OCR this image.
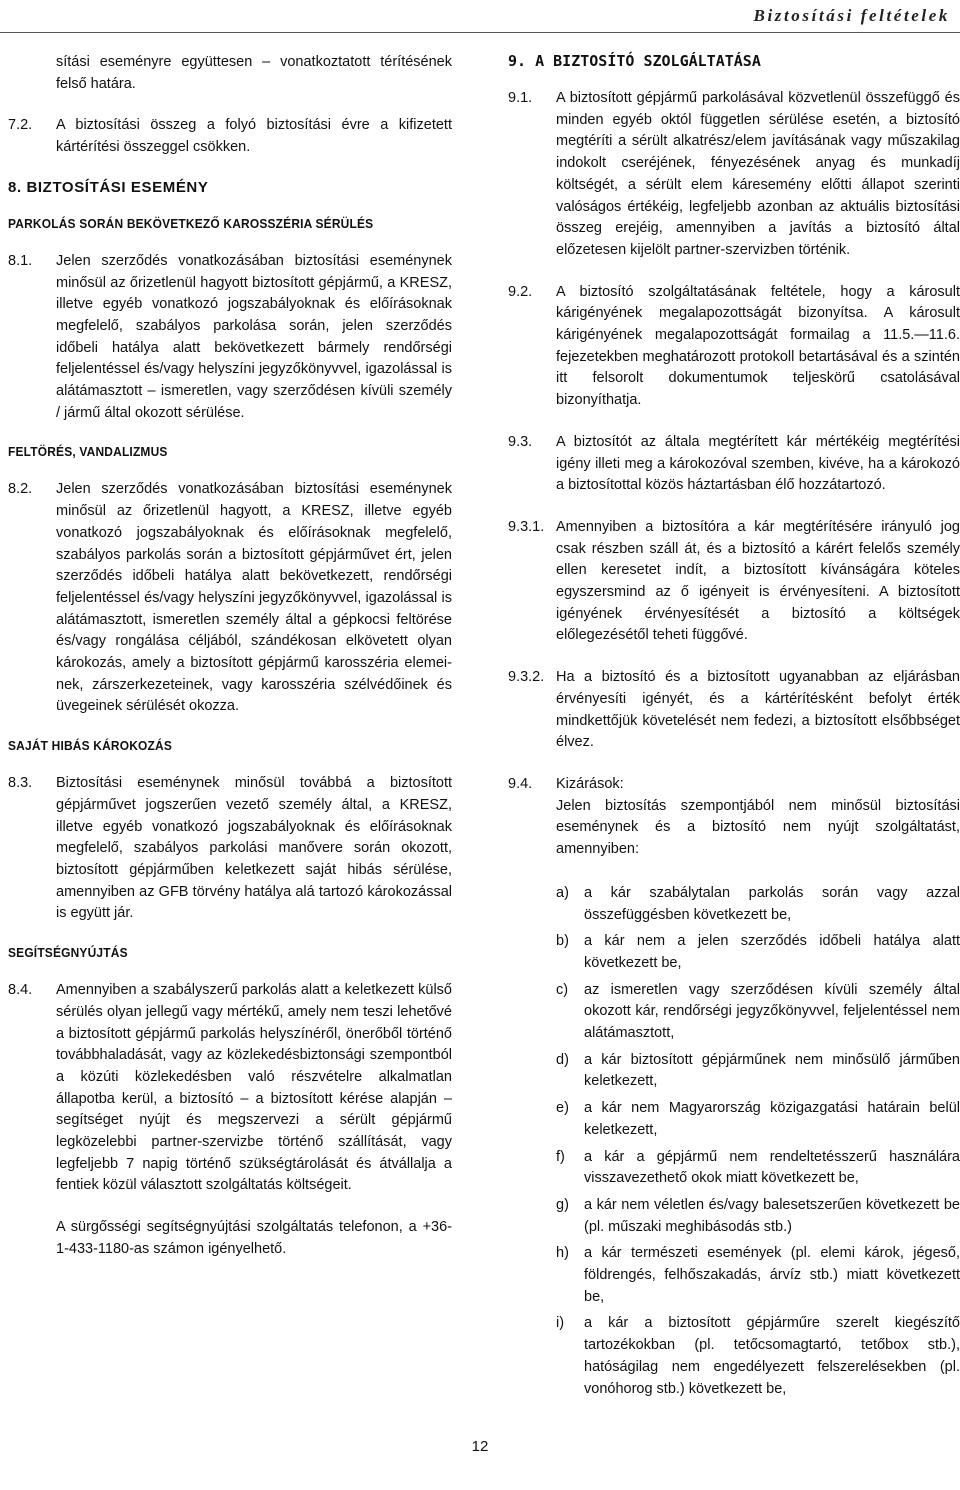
Biztosítási feltételek
sítási eseményre együttesen – vonatkoztatott térítésének felső határa.
7.2.	A biztosítási összeg a folyó biztosítási évre a kifizetett kártérítési összeggel csökken.
8. BIZTOSÍTÁSI ESEMÉNY
PARKOLÁS SORÁN BEKÖVETKEZŐ KAROSSZÉRIA SÉRÜLÉS
8.1.	Jelen szerződés vonatkozásában biztosítási eseménynek minősül az őrizetlenül hagyott biztosított gépjármű, a KRESZ, illetve egyéb vonatkozó jogszabályoknak és előírásoknak megfelelő, szabályos parkolása során, jelen szerződés időbeli hatálya alatt bekövetkezett bármely rendőrségi feljelentéssel és/vagy helyszíni jegyzőkönyvvel, igazolással is alátámasztott – ismeretlen, vagy szerződésen kívüli személy / jármű által okozott sérülése.
FELTÖRÉS, VANDALIZMUS
8.2.	Jelen szerződés vonatkozásában biztosítási eseménynek minősül az őrizetlenül hagyott, a KRESZ, illetve egyéb vonatkozó jogszabályoknak és előírásoknak megfelelő, szabályos parkolás során a biztosított gépjárművet ért, jelen szerződés időbeli hatálya alatt bekövetkezett, rendőrségi feljelentéssel és/vagy helyszíni jegyzőkönyvvel, igazolással is alátámasztott, ismeretlen személy által a gépkocsi feltörése és/vagy rongálása céljából, szándékosan elkövetett olyan károkozás, amely a biztosított gépjármű karosszéria elemeinek, zárszerkezeteinek, vagy karosszéria szélvédőinek és üvegeinek sérülését okozza.
SAJÁT HIBÁS KÁROKOZÁS
8.3.	Biztosítási eseménynek minősül továbbá a biztosított gépjárművet jogszerűen vezető személy által, a KRESZ, illetve egyéb vonatkozó jogszabályoknak és előírásoknak megfelelő, szabályos parkolási manővere során okozott, biztosított gépjárműben keletkezett saját hibás sérülése, amennyiben az GFB törvény hatálya alá tartozó károkozással is együtt jár.
SEGÍTSÉGNYÚJTÁS
8.4.	Amennyiben a szabályszerű parkolás alatt a keletkezett külső sérülés olyan jellegű vagy mértékű, amely nem teszi lehetővé a biztosított gépjármű parkolás helyszínéről, önerőből történő továbbhaladását, vagy az közlekedésbiztonsági szempontból a közúti közlekedésben való részvételre alkalmatlan állapotba kerül, a biztosító – a biztosított kérése alapján – segítséget nyújt és megszervezi a sérült gépjármű legközelebbi partner-szervizbe történő szállítását, vagy legfeljebb 7 napig történő szükségtárolását és átvállalja a fentiek közül választott szolgáltatás költségeit.
A sürgősségi segítségnyújtási szolgáltatás telefonon, a +36-1-433-1180-as számon igényelhető.
9. A BIZTOSÍTÓ SZOLGÁLTATÁSA
9.1.	A biztosított gépjármű parkolásával közvetlenül összefüggő és minden egyéb októl független sérülése esetén, a biztosító megtéríti a sérült alkatrész/elem javításának vagy műszakilag indokolt cseréjének, fényezésének anyag és munkadíj költségét, a sérült elem káresemény előtti állapot szerinti valóságos értékéig, legfeljebb azonban az aktuális biztosítási összeg erejéig, amennyiben a javítás a biztosító által előzetesen kijelölt partner-szervizben történik.
9.2.	A biztosító szolgáltatásának feltétele, hogy a károsult kárigényének megalapozottságát bizonyítsa. A károsult kárigényének megalapozottságát formailag a 11.5.—11.6. fejezetekben meghatározott protokoll betartásával és a szintén itt felsorolt dokumentumok teljeskörű csatolásával bizonyíthatja.
9.3.	A biztosítót az általa megtérített kár mértékéig megtérítési igény illeti meg a károkozóval szemben, kivéve, ha a károkozó a biztosítottal közös háztartásban élő hozzátartozó.
9.3.1. Amennyiben a biztosítóra a kár megtérítésére irányuló jog csak részben száll át, és a biztosító a kárért felelős személy ellen keresetet indít, a biztosított kívánságára köteles egyszersmind az ő igényeit is érvényesíteni. A biztosított igényének érvényesítését a biztosító a költségek előlegezésétől teheti függővé.
9.3.2. Ha a biztosító és a biztosított ugyanabban az eljárásban érvényesíti igényét, és a kártérítésként befolyt érték mindkettőjük követelését nem fedezi, a biztosított elsőbbséget élvez.
9.4.	Kizárások:
Jelen biztosítás szempontjából nem minősül biztosítási eseménynek és a biztosító nem nyújt szolgáltatást, amennyiben:
a)	a kár szabálytalan parkolás során vagy azzal összefüggésben következett be,
b)	a kár nem a jelen szerződés időbeli hatálya alatt következett be,
c)	az ismeretlen vagy szerződésen kívüli személy által okozott kár, rendőrségi jegyzőkönyvvel, feljelentéssel nem alátámasztott,
d)	a kár biztosított gépjárműnek nem minősülő járműben keletkezett,
e)	a kár nem Magyarország közigazgatási határain belül keletkezett,
f)	a kár a gépjármű nem rendeltetésszerű használára visszavezethető okok miatt következett be,
g)	a kár nem véletlen és/vagy balesetszerűen következett be (pl. műszaki meghibásodás stb.)
h)	a kár természeti események (pl. elemi károk, jégeső, földrengés, felhőszakadás, árvíz stb.) miatt következett be,
i)	a kár a biztosított gépjárműre szerelt kiegészítő tartozékokban (pl. tetőcsomagtartó, tetőbox stb.), hatóságilag nem engedélyezett felszerelésekben (pl. vonóhorog stb.) következett be,
12
